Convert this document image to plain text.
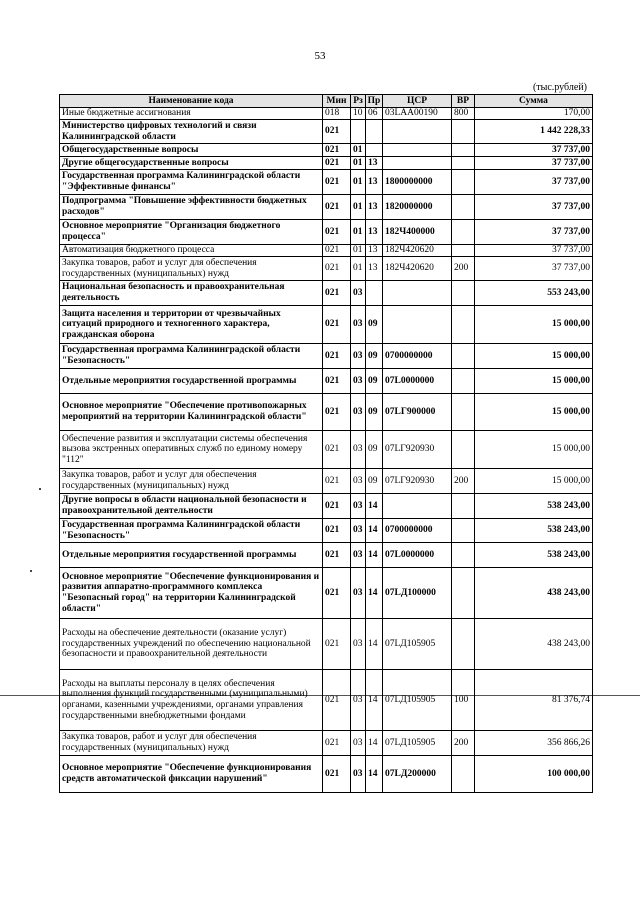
53
(тыс.рублей)
Наименование кода	Мин	Рз	Пр	ЦСР	ВР	Сумма
Иные бюджетные ассигнования	018	10	06	03LAA00190	800	170,00
Министерство цифровых технологий и связи Калининградской области	021					1 442 228,33
Общегосударственные вопросы	021	01				37 737,00
Другие общегосударственные вопросы	021	01	13			37 737,00
Государственная программа Калининградской области "Эффективные финансы"	021	01	13	1800000000		37 737,00
Подпрограмма "Повышение эффективности бюджетных расходов"	021	01	13	1820000000		37 737,00
Основное мероприятие "Организация бюджетного процесса"	021	01	13	182Ч400000		37 737,00
Автоматизация бюджетного процесса	021	01	13	182Ч420620		37 737,00
Закупка товаров, работ и услуг для обеспечения государственных (муниципальных) нужд	021	01	13	182Ч420620	200	37 737,00
Национальная безопасность и правоохранительная деятельность	021	03				553 243,00
Защита населения и территории от чрезвычайных ситуаций природного и техногенного характера, гражданская оборона	021	03	09			15 000,00
Государственная программа Калининградской области "Безопасность"	021	03	09	0700000000		15 000,00
Отдельные мероприятия государственной программы	021	03	09	07L0000000		15 000,00
Основное мероприятие "Обеспечение противопожарных мероприятий на территории Калининградской области"	021	03	09	07LГ900000		15 000,00
Обеспечение развития и эксплуатации системы обеспечения вызова экстренных оперативных служб по единому номеру "112"	021	03	09	07LГ920930		15 000,00
Закупка товаров, работ и услуг для обеспечения государственных (муниципальных) нужд	021	03	09	07LГ920930	200	15 000,00
Другие вопросы в области национальной безопасности и правоохранительной деятельности	021	03	14			538 243,00
Государственная программа Калининградской области "Безопасность"	021	03	14	0700000000		538 243,00
Отдельные мероприятия государственной программы	021	03	14	07L0000000		538 243,00
Основное мероприятие "Обеспечение функционирования и развития аппаратно-программного комплекса "Безопасный город" на территории Калининградской области"	021	03	14	07LД100000		438 243,00
Расходы на обеспечение деятельности (оказание услуг) государственных учреждений по обеспечению национальной безопасности и правоохранительной деятельности	021	03	14	07LД105905		438 243,00
Расходы на выплаты персоналу в целях обеспечения выполнения функций государственными (муниципальными) органами, казенными учреждениями, органами управления государственными внебюджетными фондами	021	03	14	07LД105905	100	81 376,74
Закупка товаров, работ и услуг для обеспечения государственных (муниципальных) нужд	021	03	14	07LД105905	200	356 866,26
Основное мероприятие "Обеспечение функционирования средств автоматической фиксации нарушений"	021	03	14	07LД200000		100 000,00
